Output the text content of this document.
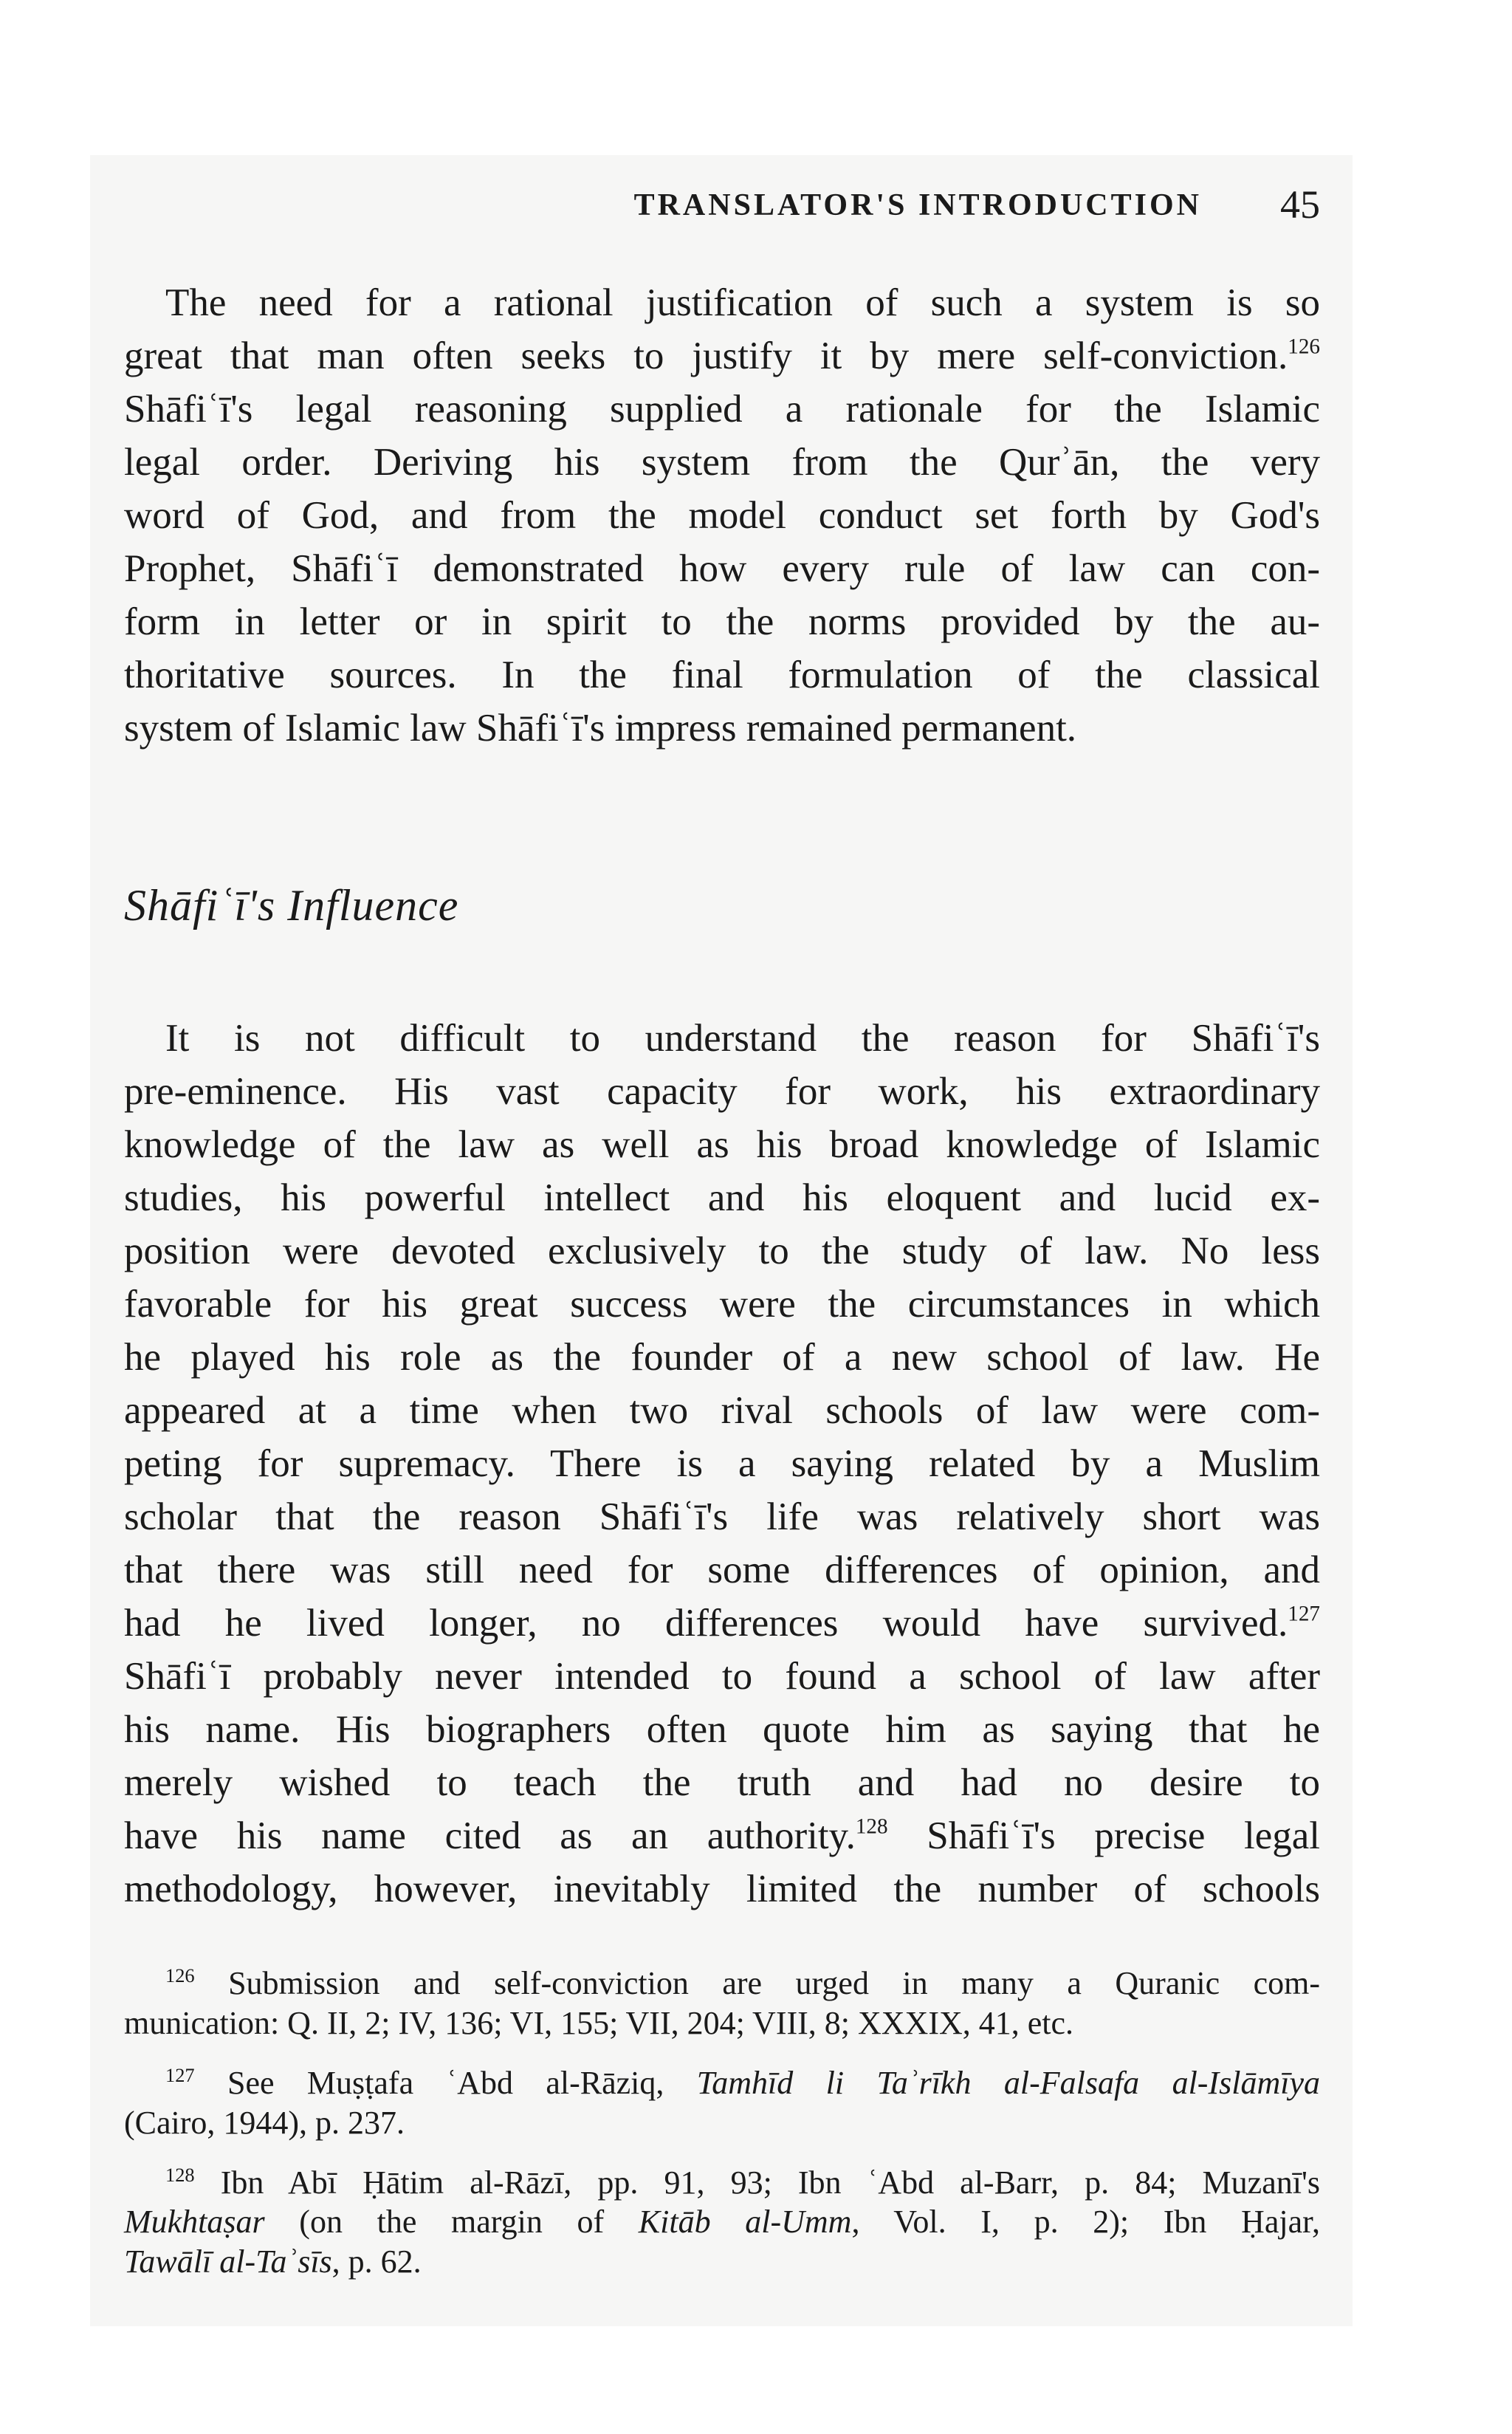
TRANSLATOR'S INTRODUCTION 45

The need for a rational justification of such a system is so
great that man often seeks to justify it by mere self-conviction.$^{126}$
Shāfiʿī's legal reasoning supplied a rationale for the Islamic
legal order. Deriving his system from the Qurʾān, the very
word of God, and from the model conduct set forth by God's
Prophet, Shāfiʿī demonstrated how every rule of law can con-
form in letter or in spirit to the norms provided by the au-
thoritative sources. In the final formulation of the classical
system of Islamic law Shāfiʿī's impress remained permanent.

Shāfiʿī's Influence

It is not difficult to understand the reason for Shāfiʿī's
pre-eminence. His vast capacity for work, his extraordinary
knowledge of the law as well as his broad knowledge of Islamic
studies, his powerful intellect and his eloquent and lucid ex-
position were devoted exclusively to the study of law. No less
favorable for his great success were the circumstances in which
he played his role as the founder of a new school of law. He
appeared at a time when two rival schools of law were com-
peting for supremacy. There is a saying related by a Muslim
scholar that the reason Shāfiʿī's life was relatively short was
that there was still need for some differences of opinion, and
had he lived longer, no differences would have survived.$^{127}$
Shāfiʿī probably never intended to found a school of law after
his name. His biographers often quote him as saying that he
merely wished to teach the truth and had no desire to
have his name cited as an authority.$^{128}$ Shāfiʿī's precise legal
methodology, however, inevitably limited the number of schools

$^{126}$ Submission and self-conviction are urged in many a Quranic com-
munication: Q. II, 2; IV, 136; VI, 155; VII, 204; VIII, 8; XXXIX, 41, etc.
$^{127}$ See Muṣṭafa ʿAbd al-Rāziq, Tamhīd li Taʾrīkh al-Falsafa al-Islāmīya
(Cairo, 1944), p. 237.
$^{128}$ Ibn Abī Ḥātim al-Rāzī, pp. 91, 93; Ibn ʿAbd al-Barr, p. 84; Muzanī's
Mukhtaṣar (on the margin of Kitāb al-Umm, Vol. I, p. 2); Ibn Ḥajar,
Tawālī al-Taʾsīs, p. 62.
